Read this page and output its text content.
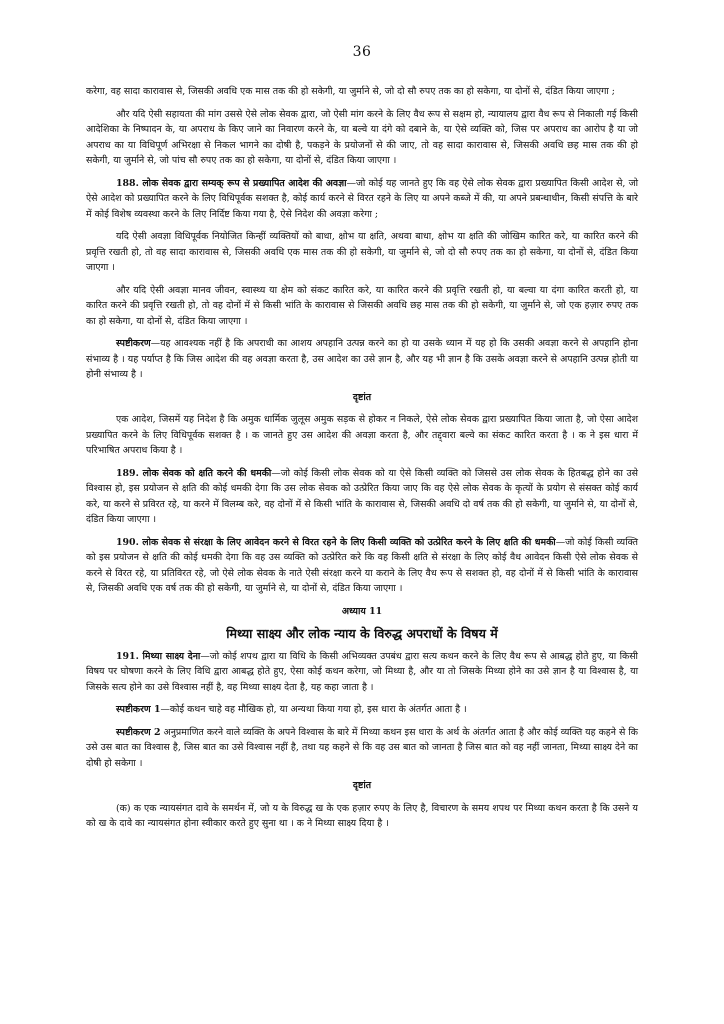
36

करेगा, वह सादा कारावास से, जिसकी अवधि एक मास तक की हो सकेगी, या जुर्माने से, जो दो सौ रुपए तक का हो सकेगा, या दोनों से, दंडित किया जाएगा ;

और यदि ऐसी सहायता की मांग उससे ऐसे लोक सेवक द्वारा, जो ऐसी मांग करने के लिए वैध रूप से सक्षम हो, न्यायालय द्वारा वैध रूप से निकाली गई किसी आदेशिका के निष्पादन के, या अपराध के किए जाने का निवारण करने के, या बल्वे या दंगे को दबाने के, या ऐसे व्यक्ति को, जिस पर अपराध का आरोप है या जो अपराध का या विधिपूर्ण अभिरक्षा से निकल भागने का दोषी है, पकड़ने के प्रयोजनों से की जाए, तो वह सादा कारावास से, जिसकी अवधि छह मास तक की हो सकेगी, या जुर्माने से, जो पांच सौ रुपए तक का हो सकेगा, या दोनों से, दंडित किया जाएगा ।

188. लोक सेवक द्वारा सम्यक् रूप से प्रख्यापित आदेश की अवज्ञा—जो कोई यह जानते हुए कि वह ऐसे लोक सेवक द्वारा प्रख्यापित किसी आदेश से, जो ऐसे आदेश को प्रख्यापित करने के लिए विधिपूर्वक सशक्त है, कोई कार्य करने से विरत रहने के लिए या अपने कब्जे में की, या अपने प्रबन्धाधीन, किसी संपत्ति के बारे में कोई विशेष व्यवस्था करने के लिए निर्दिष्ट किया गया है, ऐसे निदेश की अवज्ञा करेगा ;

यदि ऐसी अवज्ञा विधिपूर्वक नियोजित किन्हीं व्यक्तियों को बाधा, क्षोभ या क्षति, अथवा बाधा, क्षोभ या क्षति की जोखिम कारित करे, या कारित करने की प्रवृत्ति रखती हो, तो वह सादा कारावास से, जिसकी अवधि एक मास तक की हो सकेगी, या जुर्माने से, जो दो सौ रुपए तक का हो सकेगा, या दोनों से, दंडित किया जाएगा ।

और यदि ऐसी अवज्ञा मानव जीवन, स्वास्थ्य या क्षेम को संकट कारित करे, या कारित करने की प्रवृत्ति रखती हो, या बल्वा या दंगा कारित करती हो, या कारित करने की प्रवृत्ति रखती हो, तो वह दोनों में से किसी भांति के कारावास से जिसकी अवधि छह मास तक की हो सकेगी, या जुर्माने से, जो एक हज़ार रुपए तक का हो सकेगा, या दोनों से, दंडित किया जाएगा ।

स्पष्टीकरण—यह आवश्यक नहीं है कि अपराधी का आशय अपहानि उत्पन्न करने का हो या उसके ध्यान में यह हो कि उसकी अवज्ञा करने से अपहानि होना संभाव्य है । यह पर्याप्त है कि जिस आदेश की वह अवज्ञा करता है, उस आदेश का उसे ज्ञान है, और यह भी ज्ञान है कि उसके अवज्ञा करने से अपहानि उत्पन्न होती या होनी संभाव्य है ।

दृष्टांत

एक आदेश, जिसमें यह निदेश है कि अमुक धार्मिक जुलूस अमुक सड़क से होकर न निकले, ऐसे लोक सेवक द्वारा प्रख्यापित किया जाता है, जो ऐसा आदेश प्रख्यापित करने के लिए विधिपूर्वक सशक्त है । क जानते हुए उस आदेश की अवज्ञा करता है, और तद्द्वारा बल्वे का संकट कारित करता है । क ने इस धारा में परिभाषित अपराध किया है ।

189. लोक सेवक को क्षति करने की धमकी—जो कोई किसी लोक सेवक को या ऐसे किसी व्यक्ति को जिससे उस लोक सेवक के हितबद्ध होने का उसे विश्वास हो, इस प्रयोजन से क्षति की कोई धमकी देगा कि उस लोक सेवक को उत्प्रेरित किया जाए कि वह ऐसे लोक सेवक के कृत्यों के प्रयोग से संसक्त कोई कार्य करे, या करने से प्रविरत रहे, या करने में विलम्ब करे, वह दोनों में से किसी भांति के कारावास से, जिसकी अवधि दो वर्ष तक की हो सकेगी, या जुर्माने से, या दोनों से, दंडित किया जाएगा ।

190. लोक सेवक से संरक्षा के लिए आवेदन करने से विरत रहने के लिए किसी व्यक्ति को उत्प्रेरित करने के लिए क्षति की धमकी—जो कोई किसी व्यक्ति को इस प्रयोजन से क्षति की कोई धमकी देगा कि वह उस व्यक्ति को उत्प्रेरित करे कि वह किसी क्षति से संरक्षा के लिए कोई वैध आवेदन किसी ऐसे लोक सेवक से करने से विरत रहे, या प्रतिविरत रहे, जो ऐसे लोक सेवक के नाते ऐसी संरक्षा करने या कराने के लिए वैध रूप से सशक्त हो, वह दोनों में से किसी भांति के कारावास से, जिसकी अवधि एक वर्ष तक की हो सकेगी, या जुर्माने से, या दोनों से, दंडित किया जाएगा ।

अध्याय 11

मिथ्या साक्ष्य और लोक न्याय के विरुद्ध अपराधों के विषय में

191. मिथ्या साक्ष्य देना—जो कोई शपथ द्वारा या विधि के किसी अभिव्यक्त उपबंध द्वारा सत्य कथन करने के लिए वैध रूप से आबद्ध होते हुए, या किसी विषय पर घोषणा करने के लिए विधि द्वारा आबद्ध होते हुए, ऐसा कोई कथन करेगा, जो मिथ्या है, और या तो जिसके मिथ्या होने का उसे ज्ञान है या विश्वास है, या जिसके सत्य होने का उसे विश्वास नहीं है, वह मिथ्या साक्ष्य देता है, यह कहा जाता है ।

स्पष्टीकरण 1—कोई कथन चाहे वह मौखिक हो, या अन्यथा किया गया हो, इस धारा के अंतर्गत आता है ।

स्पष्टीकरण 2 अनुप्रमाणित करने वाले व्यक्ति के अपने विश्वास के बारे में मिथ्या कथन इस धारा के अर्थ के अंतर्गत आता है और कोई व्यक्ति यह कहने से कि उसे उस बात का विश्वास है, जिस बात का उसे विश्वास नहीं है, तथा यह कहने से कि वह उस बात को जानता है जिस बात को वह नहीं जानता, मिथ्या साक्ष्य देने का दोषी हो सकेगा ।

दृष्टांत

(क) क एक न्यायसंगत दावे के समर्थन में, जो य के विरुद्ध ख के एक हज़ार रुपए के लिए है, विचारण के समय शपथ पर मिथ्या कथन करता है कि उसने य को ख के दावे का न्यायसंगत होना स्वीकार करते हुए सुना था । क ने मिथ्या साक्ष्य दिया है ।
